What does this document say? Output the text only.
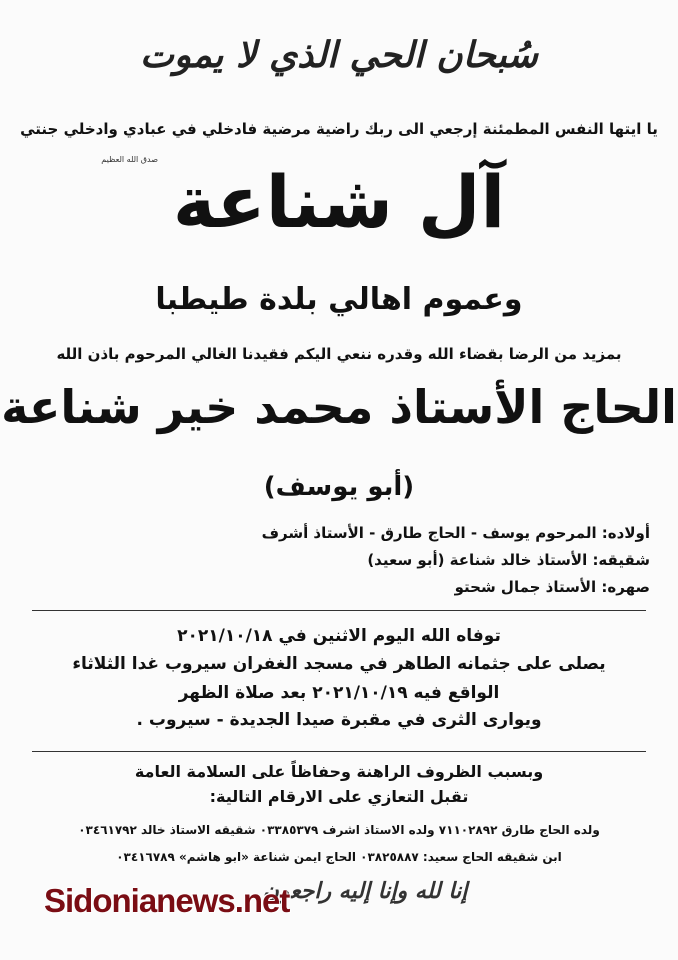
سُبحان الحي الذي لا يموت
يا ايتها النفس المطمئنة إرجعي الى ربك راضية مرضية فادخلي في عبادي وادخلي جنتي
صدق الله العظيم
آل شناعة
وعموم اهالي بلدة طيطبا
بمزيد من الرضا بقضاء الله وقدره ننعي اليكم فقيدنا الغالي المرحوم باذن الله
الحاج الأستاذ محمد خير شناعة
(أبو يوسف)
أولاده: المرحوم يوسف - الحاج طارق - الأستاذ أشرف
شقيقه: الأستاذ خالد شناعة (أبو سعيد)
صهره: الأستاذ جمال شحتو
توفاه الله اليوم الاثنين في ٢٠٢١/١٠/١٨
يصلى على جثمانه الطاهر في مسجد الغفران سيروب غدا الثلاثاء
الواقع فيه ٢٠٢١/١٠/١٩ بعد صلاة الظهر
ويوارى الثرى في مقبرة صيدا الجديدة - سيروب .
وبسبب الظروف الراهنة وحفاظاً على السلامة العامة
تقبل التعازي على الارقام التالية:
ولده الحاج طارق ٧١١٠٢٨٩٢ ولده الاستاذ اشرف ٠٣٣٨٥٣٧٩ شقيقه الاستاذ خالد ٠٣٤٦١٧٩٢
ابن شقيقه الحاج سعيد: ٠٣٨٢٥٨٨٧ الحاج ايمن شناعة «ابو هاشم» ٠٣٤١٦٧٨٩
إنا لله وإنا إليه راجعون
Sidonianews.net
